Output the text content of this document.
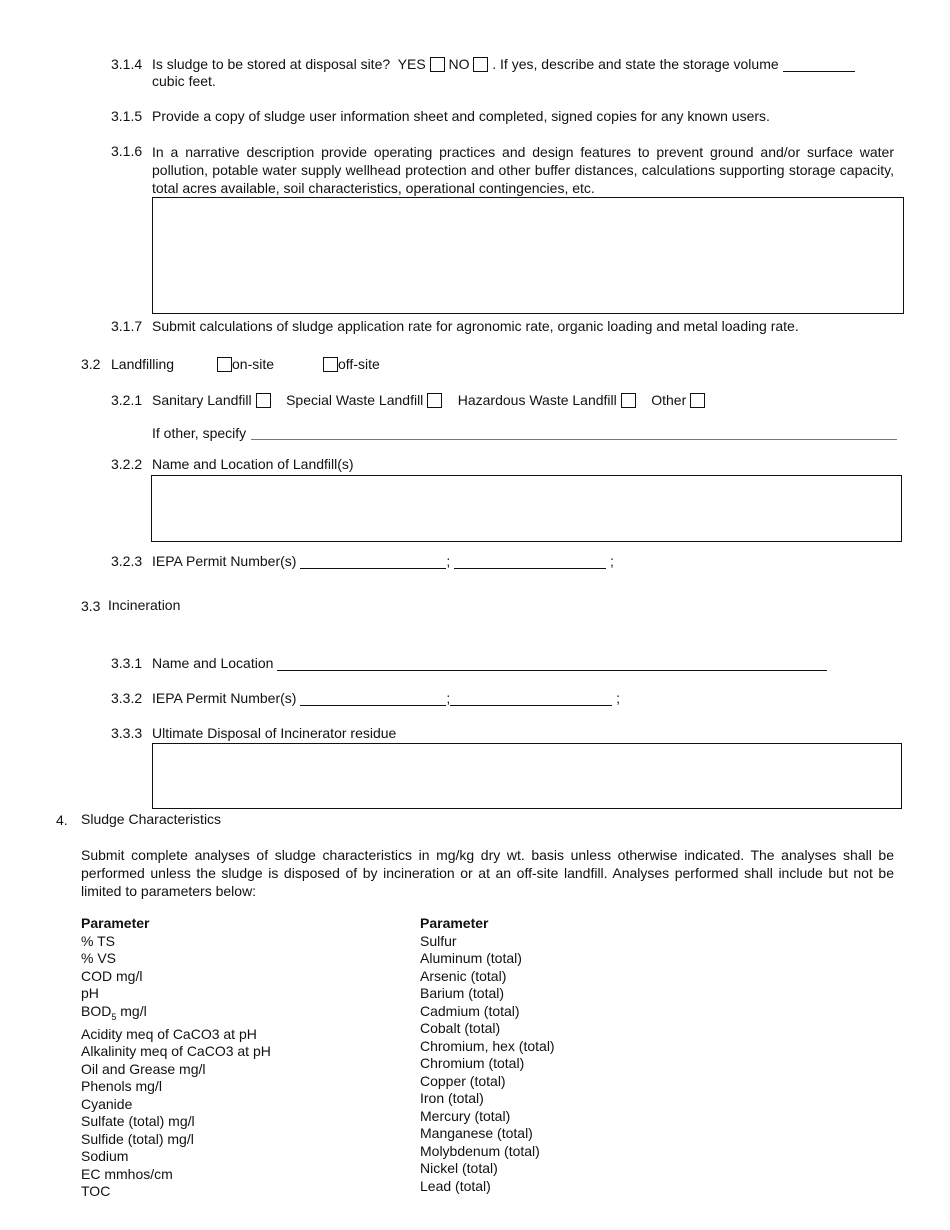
3.1.4 Is sludge to be stored at disposal site? YES NO . If yes, describe and state the storage volume
cubic feet.
3.1.5 Provide a copy of sludge user information sheet and completed, signed copies for any known users.
3.1.6 In a narrative description provide operating practices and design features to prevent ground and/or surface water pollution, potable water supply wellhead protection and other buffer distances, calculations supporting storage capacity, total acres available, soil characteristics, operational contingencies, etc.
3.1.7 Submit calculations of sludge application rate for agronomic rate, organic loading and metal loading rate.
3.2 Landfilling	on-site	off-site
3.2.1 Sanitary Landfill Special Waste Landfill Hazardous Waste Landfill Other
If other, specify
3.2.2 Name and Location of Landfill(s)
3.2.3 IEPA Permit Number(s)	;	;
3.3 Incineration
3.3.1 Name and Location
3.3.2 IEPA Permit Number(s)	;	;
3.3.3 Ultimate Disposal of Incinerator residue
4. Sludge Characteristics
Submit complete analyses of sludge characteristics in mg/kg dry wt. basis unless otherwise indicated. The analyses shall be performed unless the sludge is disposed of by incineration or at an off-site landfill. Analyses performed shall include but not be limited to parameters below:
Parameter
% TS
% VS
COD mg/l
pH
$BOD_5$ mg/l
Acidity meq of CaCO3 at pH
Alkalinity meq of CaCO3 at pH
Oil and Grease mg/l
Phenols mg/l
Cyanide
Sulfate (total) mg/l
Sulfide (total) mg/l
Sodium
EC mmhos/cm
TOC
Parameter
Sulfur
Aluminum (total)
Arsenic (total)
Barium (total)
Cadmium (total)
Cobalt (total)
Chromium, hex (total)
Chromium (total)
Copper (total)
Iron (total)
Mercury (total)
Manganese (total)
Molybdenum (total)
Nickel (total)
Lead (total)
